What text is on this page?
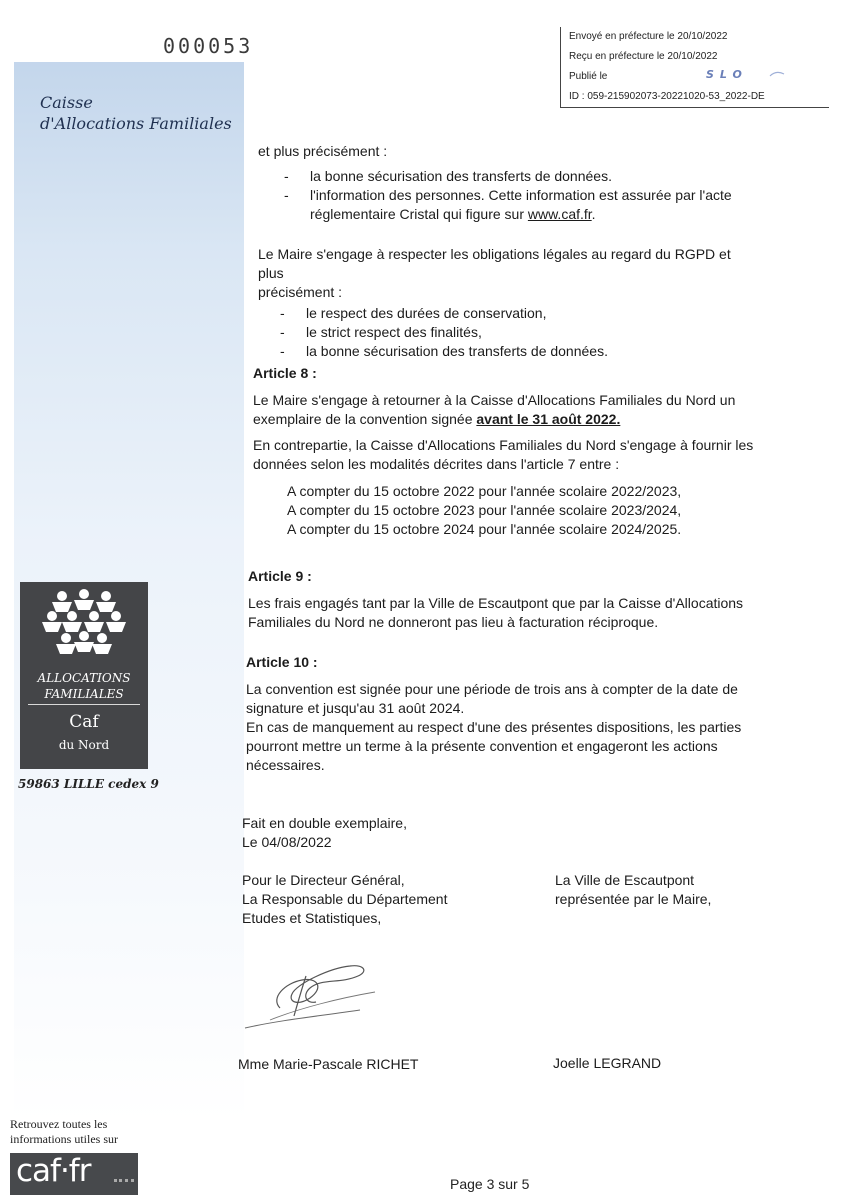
000053
Caisse
d'Allocations Familiales
Envoyé en préfecture le 20/10/2022
Reçu en préfecture le 20/10/2022
Publié le
ID : 059-215902073-20221020-53_2022-DE
SLO
ALLOCATIONS
FAMILIALES
Caf
du Nord
59863 LILLE cedex 9
Retrouvez toutes les
informations utiles sur
caf·fr
et plus précisément :
-	la bonne sécurisation des transferts de données.
-	l'information des personnes. Cette information est assurée par l'acte
réglementaire Cristal qui figure sur www.caf.fr.
Le Maire s'engage à respecter les obligations légales au regard du RGPD et plus
précisément :
-	le respect des durées de conservation,
-	le strict respect des finalités,
-	la bonne sécurisation des transferts de données.
Article 8 :
Le Maire s'engage à retourner à la Caisse d'Allocations Familiales du Nord un
exemplaire de la convention signée avant le 31 août 2022.
En contrepartie, la Caisse d'Allocations Familiales du Nord s'engage à fournir les
données selon les modalités décrites dans l'article 7 entre :
A compter du 15 octobre 2022 pour l'année scolaire 2022/2023,
A compter du 15 octobre 2023 pour l'année scolaire 2023/2024,
A compter du 15 octobre 2024 pour l'année scolaire 2024/2025.
Article 9 :
Les frais engagés tant par la Ville de Escautpont que par la Caisse d'Allocations
Familiales du Nord ne donneront pas lieu à facturation réciproque.
Article 10 :
La convention est signée pour une période de trois ans à compter de la date de
signature et jusqu'au 31 août 2024.
En cas de manquement au respect d'une des présentes dispositions, les parties
pourront mettre un terme à la présente convention et engageront les actions
nécessaires.
Fait en double exemplaire,
Le 04/08/2022
Pour le Directeur Général,
La Responsable du Département
Etudes et Statistiques,
La Ville de Escautpont
représentée par le Maire,
Mme Marie-Pascale RICHET	Joelle LEGRAND
Page 3 sur 5
